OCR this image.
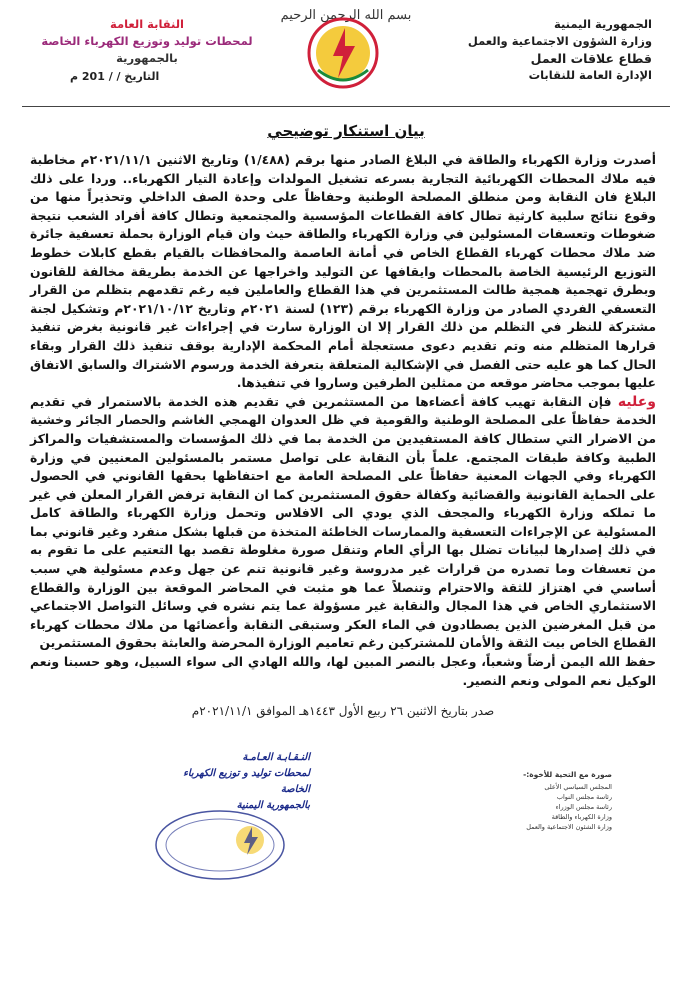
بسم الله الرحمن الرحيم
الجمهورية اليمنية
وزارة الشؤون الاجتماعية والعمل
قطاع علاقات العمل
الإدارة العامة للنقابات
النقابة العامة
لمحطات توليد وتوزيع الكهرباء الخاصة
بالجمهورية
التاريخ / / 201 م
بيان استنكار توضيحي

أصدرت وزارة الكهرباء والطاقة في البلاغ الصادر منها برقم (١/٤٨٨) وتاريخ الاثنين ٢٠٢١/١١/١م مخاطبة فيه ملاك المحطات الكهربائية التجارية بسرعه تشغيل المولدات وإعادة التيار الكهرباء.. وردا على ذلك البلاغ فان النقابة ومن منطلق المصلحة الوطنية وحفاظاً على وحدة الصف الداخلي وتحذيراً منها من وقوع نتائج سلبية كارثية تطال كافة القطاعات المؤسسية والمجتمعية وتطال كافة أفراد الشعب نتيجة ضغوطات وتعسفات المسئولين في وزارة الكهرباء والطاقة حيث وان قيام الوزارة بحملة تعسفية جائرة ضد ملاك محطات كهرباء القطاع الخاص في أمانة العاصمة والمحافظات بالقيام بقطع كابلات خطوط التوزيع الرئيسية الخاصة بالمحطات وايقافها عن التوليد واخراجها عن الخدمة بطريقة مخالفة للقانون وبطرق تهجمية همجية طالت المستثمرين في هذا القطاع والعاملين فيه رغم تقدمهم بتظلم من القرار التعسفي الفردي الصادر من وزارة الكهرباء برقم (١٢٣) لسنة ٢٠٢١م وتاريخ ٢٠٢١/١٠/١٢م وتشكيل لجنة مشتركة للنظر في التظلم من ذلك القرار إلا ان الوزارة سارت في إجراءات غير قانونية بغرض تنفيذ قرارها المتظلم منه وتم تقديم دعوى مستعجلة أمام المحكمة الإدارية بوقف تنفيذ ذلك القرار وبقاء الحال كما هو عليه حتى الفصل في الإشكالية المتعلقة بتعرفة الخدمة ورسوم الاشتراك والسابق الاتفاق عليها بموجب محاضر موقعه من ممثلين الطرفين وساروا في تنفيذها.

وعليه فإن النقابة تهيب كافة أعضاءها من المستثمرين في تقديم هذه الخدمة بالاستمرار في تقديم الخدمة حفاظاً على المصلحة الوطنية والقومية في ظل العدوان الهمجي الغاشم والحصار الجائر وخشية من الاضرار التي ستطال كافة المستفيدين من الخدمة بما في ذلك المؤسسات والمستشفيات والمراكز الطبية وكافة طبقات المجتمع. علماً بأن النقابة على تواصل مستمر بالمسئولين المعنيين في وزارة الكهرباء وفي الجهات المعنية حفاظاً على المصلحة العامة مع احتفاظها بحقها القانوني في الحصول على الحماية القانونية والقضائية وكفالة حقوق المستثمرين كما ان النقابة ترفض القرار المعلن في غير ما تملكه وزارة الكهرباء والمجحف الذي يودي الى الافلاس وتحمل وزارة الكهرباء والطاقة كامل المسئولية عن الإجراءات التعسفية والممارسات الخاطئة المتخذة من قبلها بشكل منفرد وغير قانوني بما في ذلك إصدارها لبيانات تضلل بها الرأي العام وتنقل صورة مغلوطة تقصد بها التعتيم على ما تقوم به من تعسفات وما تصدره من قرارات غير مدروسة وغير قانونية تنم عن جهل وعدم مسئولية هي سبب أساسي في اهتزاز للثقة والاحترام وتنصلاً عما هو مثبت في المحاضر الموقعة بين الوزارة والقطاع الاستثماري الخاص في هذا المجال والنقابة غير مسؤولة عما يتم نشره في وسائل التواصل الاجتماعي من قبل المغرضين الذين يصطادون في الماء العكر وستبقى النقابة وأعضائها من ملاك محطات كهرباء القطاع الخاص بيت الثقة والأمان للمشتركين رغم تعاميم الوزارة المحرضة والعابثة بحقوق المستثمرين

حفظ الله اليمن أرضاً وشعباً، وعجل بالنصر المبين لها، والله الهادي الى سواء السبيل، وهو حسبنا ونعم الوكيل نعم المولى ونعم النصير.

صدر بتاريخ الاثنين ٢٦ ربيع الأول ١٤٤٣هـ الموافق ٢٠٢١/١١/١م
النـقـابـة العـامـة
لمحطات توليد و توزيع الكهرباء الخاصة
بالجمهورية اليمنية
صورة مع التحية للأخوة:-
المجلس السياسي الأعلى
رئاسة مجلس النواب
رئاسة مجلس الوزراء
وزارة الكهرباء والطاقة
وزارة الشئون الاجتماعية والعمل
